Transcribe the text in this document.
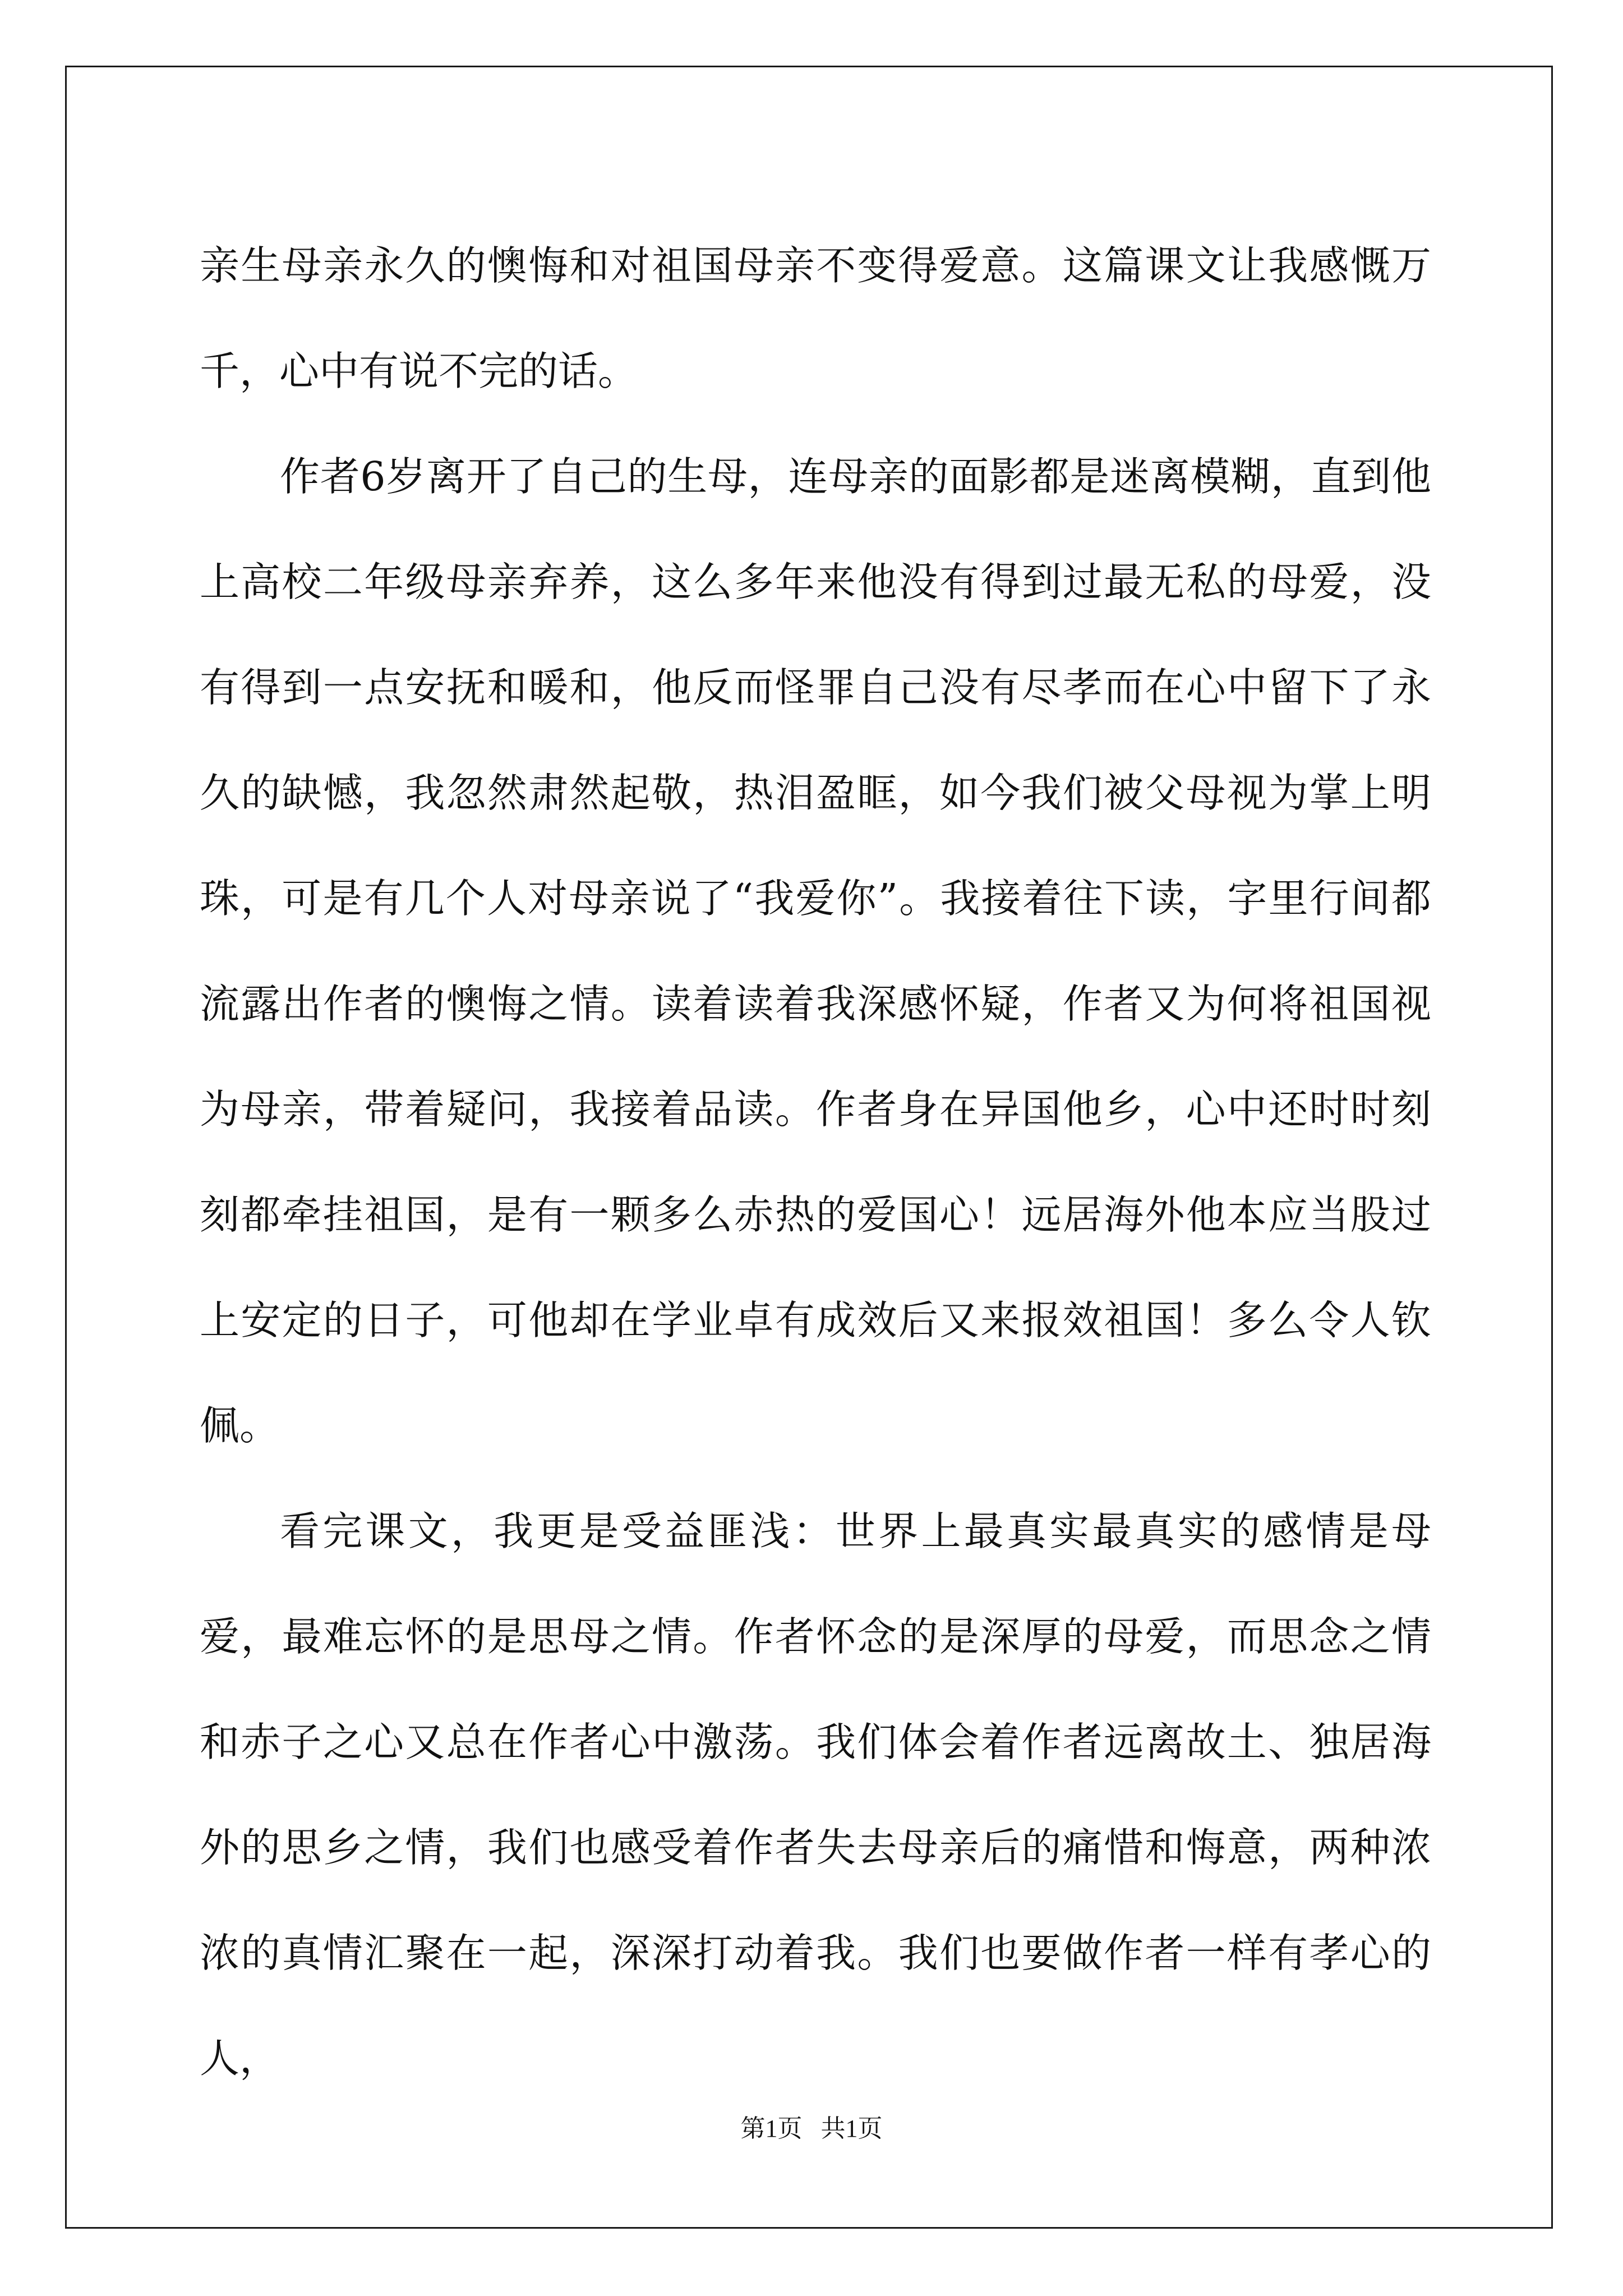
亲生母亲永久的懊悔和对祖国母亲不变得爱意。这篇课文让我感慨万千，心中有说不完的话。

作者6岁离开了自己的生母，连母亲的面影都是迷离模糊，直到他上高校二年级母亲弃养，这么多年来他没有得到过最无私的母爱，没有得到一点安抚和暖和，他反而怪罪自己没有尽孝而在心中留下了永久的缺憾，我忽然肃然起敬，热泪盈眶，如今我们被父母视为掌上明珠，可是有几个人对母亲说了“我爱你”。我接着往下读，字里行间都流露出作者的懊悔之情。读着读着我深感怀疑，作者又为何将祖国视为母亲，带着疑问，我接着品读。作者身在异国他乡，心中还时时刻刻都牵挂祖国，是有一颗多么赤热的爱国心！远居海外他本应当股过上安定的日子，可他却在学业卓有成效后又来报效祖国！多么令人钦佩。

看完课文，我更是受益匪浅：世界上最真实最真实的感情是母爱，最难忘怀的是思母之情。作者怀念的是深厚的母爱，而思念之情和赤子之心又总在作者心中激荡。我们体会着作者远离故土、独居海外的思乡之情，我们也感受着作者失去母亲后的痛惜和悔意，两种浓浓的真情汇聚在一起，深深打动着我。我们也要做作者一样有孝心的人，

第1页 共1页
